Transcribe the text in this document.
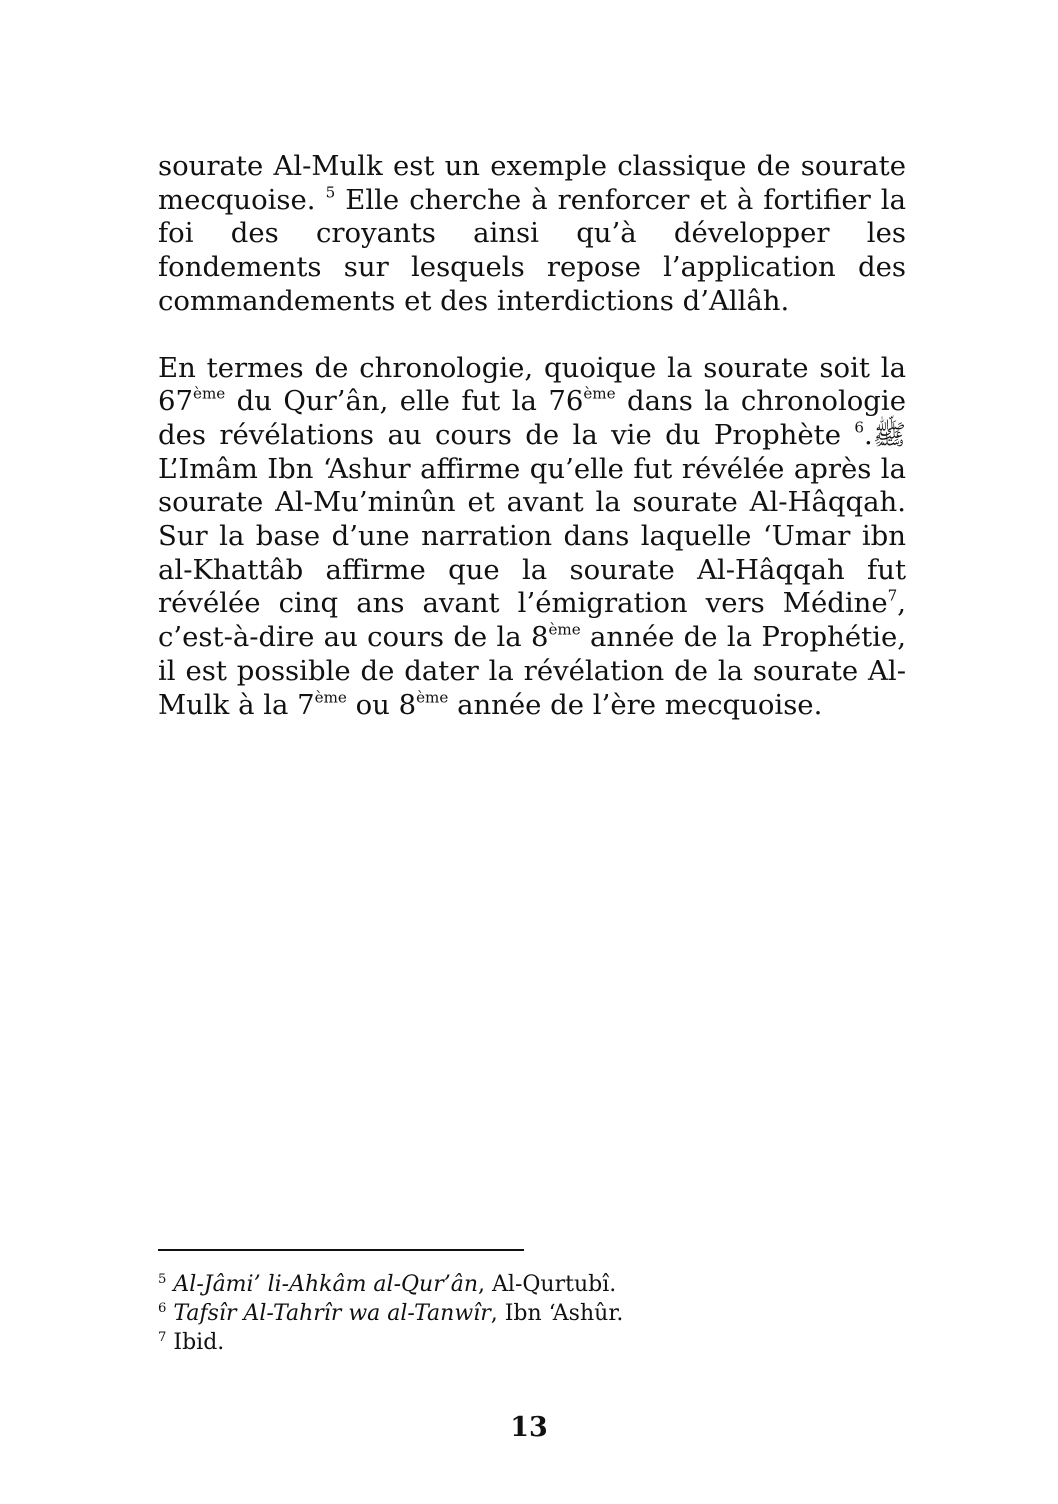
sourate Al-Mulk est un exemple classique de sourate mecquoise. $^5$ Elle cherche à renforcer et à fortifier la foi des croyants ainsi qu’à développer les fondements sur lesquels repose l’application des commandements et des interdictions d’Allâh.

En termes de chronologie, quoique la sourate soit la 67ème du Qur’ân, elle fut la 76ème dans la chronologie des révélations au cours de la vie du Prophète ﷺ.$^6$ L’Imâm Ibn ‘Ashur affirme qu’elle fut révélée après la sourate Al-Mu’minûn et avant la sourate Al-Hâqqah. Sur la base d’une narration dans laquelle ‘Umar ibn al-Khattâb affirme que la sourate Al-Hâqqah fut révélée cinq ans avant l’émigration vers Médine$^7$, c’est-à-dire au cours de la 8ème année de la Prophétie, il est possible de dater la révélation de la sourate Al-Mulk à la 7ème ou 8ème année de l’ère mecquoise.

$^5$ Al-Jâmi’ li-Ahkâm al-Qur’ân, Al-Qurtubî.
$^6$ Tafsîr Al-Tahrîr wa al-Tanwîr, Ibn ‘Ashûr.
$^7$ Ibid.
13
